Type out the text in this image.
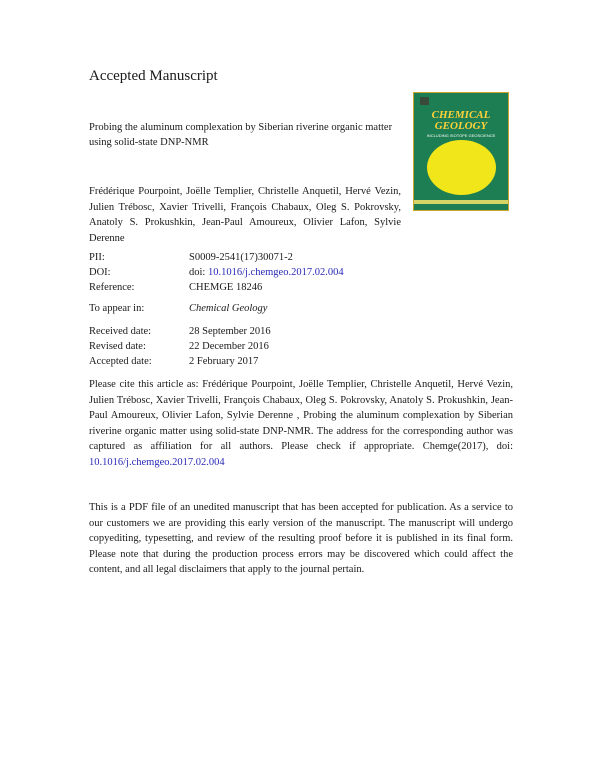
Accepted Manuscript
Probing the aluminum complexation by Siberian riverine organic matter using solid-state DNP-NMR
CHEMICAL GEOLOGY
INCLUDING ISOTOPE GEOSCIENCE
Frédérique Pourpoint, Joëlle Templier, Christelle Anquetil, Hervé Vezin, Julien Trébosc, Xavier Trivelli, François Chabaux, Oleg S. Pokrovsky, Anatoly S. Prokushkin, Jean-Paul Amoureux, Olivier Lafon, Sylvie Derenne
PII:	S0009-2541(17)30071-2
DOI:	doi: 10.1016/j.chemgeo.2017.02.004
Reference:	CHEMGE 18246
To appear in:	Chemical Geology
Received date:	28 September 2016
Revised date:	22 December 2016
Accepted date:	2 February 2017
Please cite this article as: Frédérique Pourpoint, Joëlle Templier, Christelle Anquetil, Hervé Vezin, Julien Trébosc, Xavier Trivelli, François Chabaux, Oleg S. Pokrovsky, Anatoly S. Prokushkin, Jean-Paul Amoureux, Olivier Lafon, Sylvie Derenne , Probing the aluminum complexation by Siberian riverine organic matter using solid-state DNP-NMR. The address for the corresponding author was captured as affiliation for all authors. Please check if appropriate. Chemge(2017), doi: 10.1016/j.chemgeo.2017.02.004
This is a PDF file of an unedited manuscript that has been accepted for publication. As a service to our customers we are providing this early version of the manuscript. The manuscript will undergo copyediting, typesetting, and review of the resulting proof before it is published in its final form. Please note that during the production process errors may be discovered which could affect the content, and all legal disclaimers that apply to the journal pertain.
